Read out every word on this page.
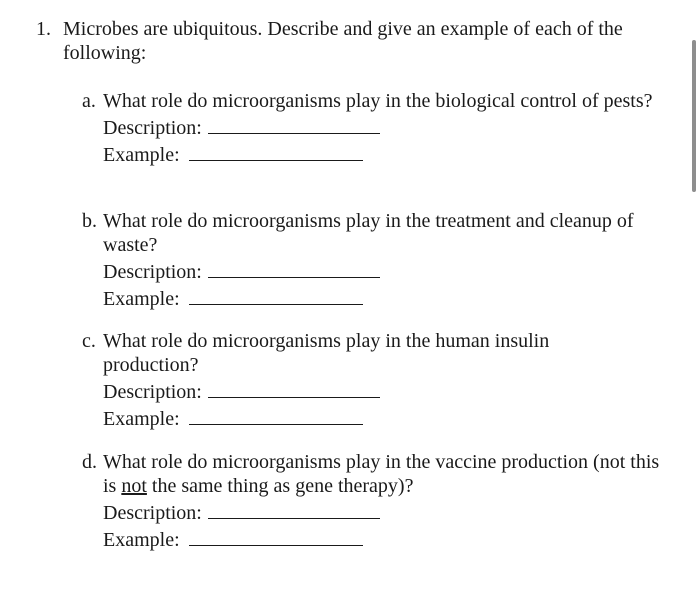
1. Microbes are ubiquitous. Describe and give an example of each of the following:
a. What role do microorganisms play in the biological control of pests?
Description:
Example:
b. What role do microorganisms play in the treatment and cleanup of waste?
Description:
Example:
c. What role do microorganisms play in the human insulin production?
Description:
Example:
d. What role do microorganisms play in the vaccine production (not this is not the same thing as gene therapy)?
Description:
Example:
